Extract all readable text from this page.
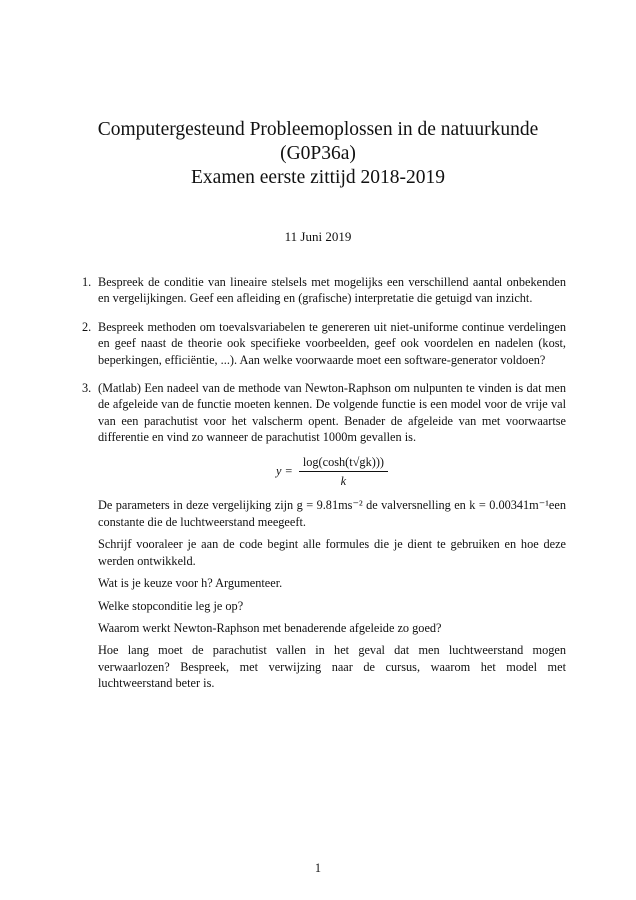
Computergesteund Probleemoplossen in de natuurkunde
(G0P36a)
Examen eerste zittijd 2018-2019
11 Juni 2019
1. Bespreek de conditie van lineaire stelsels met mogelijks een verschillend aantal onbekenden en vergelijkingen. Geef een afleiding en (grafische) interpretatie die getuigd van inzicht.
2. Bespreek methoden om toevalsvariabelen te genereren uit niet-uniforme continue verdelingen en geef naast de theorie ook specifieke voorbeelden, geef ook voordelen en nadelen (kost, beperkingen, efficiëntie, ...). Aan welke voorwaarde moet een software-generator voldoen?
3. (Matlab) Een nadeel van de methode van Newton-Raphson om nulpunten te vinden is dat men de afgeleide van de functie moeten kennen. De volgende functie is een model voor de vrije val van een parachutist voor het valscherm opent. Benader de afgeleide van met voorwaartse differentie en vind zo wanneer de parachutist 1000m gevallen is.
$y = \frac{\log(\cosh(t√gk)))}{k}$
De parameters in deze vergelijking zijn g = 9.81ms⁻² de valversnelling en k = 0.00341m⁻¹een constante die de luchtweerstand meegeeft.
Schrijf vooraleer je aan de code begint alle formules die je dient te gebruiken en hoe deze werden ontwikkeld.
Wat is je keuze voor h? Argumenteer.
Welke stopconditie leg je op?
Waarom werkt Newton-Raphson met benaderende afgeleide zo goed?
Hoe lang moet de parachutist vallen in het geval dat men luchtweerstand mogen verwaarlozen? Bespreek, met verwijzing naar de cursus, waarom het model met luchtweerstand beter is.
1
